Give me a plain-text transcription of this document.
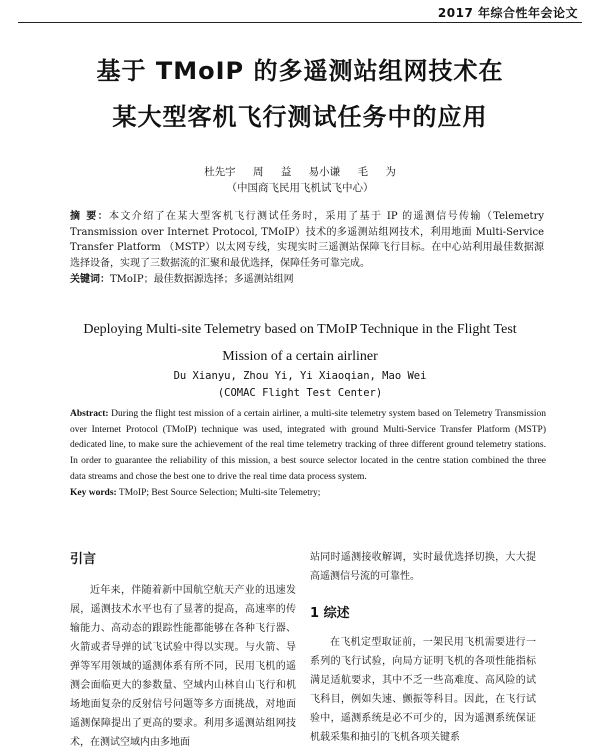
2017 年综合性年会论文
基于 TMoIP 的多遥测站组网技术在
某大型客机飞行测试任务中的应用
杜先宇 周 益 易小谦 毛 为
（中国商飞民用飞机试飞中心）
摘 要：本文介绍了在某大型客机飞行测试任务时，采用了基于 IP 的遥测信号传输（Telemetry Transmission over Internet Protocol, TMoIP）技术的多遥测站组网技术，利用地面 Multi-Service Transfer Platform （MSTP）以太网专线，实现实时三遥测站保障飞行目标。在中心站利用最佳数据源选择设备，实现了三数据流的汇聚和最优选择，保障任务可靠完成。
关键词：TMoIP；最佳数据源选择；多遥测站组网
Deploying Multi-site Telemetry based on TMoIP Technique in the Flight Test
Mission of a certain airliner
Du Xianyu, Zhou Yi, Yi Xiaoqian, Mao Wei
(COMAC Flight Test Center)
Abstract: During the flight test mission of a certain airliner, a multi-site telemetry system based on Telemetry Transmission over Internet Protocol (TMoIP) technique was used, integrated with ground Multi-Service Transfer Platform (MSTP) dedicated line, to make sure the achievement of the real time telemetry tracking of three different ground telemetry stations. In order to guarantee the reliability of this mission, a best source selector located in the centre station combined the three data streams and chose the best one to drive the real time data process system.
Key words: TMoIP; Best Source Selection; Multi-site Telemetry;
引言

近年来，伴随着新中国航空航天产业的迅速发展，遥测技术水平也有了显著的提高，高速率的传输能力、高动态的跟踪性能都能够在各种飞行器、火箭或者导弹的试飞试验中得以实现。与火箭、导弹等军用领域的遥测体系有所不同，民用飞机的遥测会面临更大的参数量、空域内山林自山飞行和机场地面复杂的反射信号问题等多方面挑战，对地面遥测保障提出了更高的要求。利用多遥测站组网技术，在测试空域内由多地面

站同时遥测接收解调，实时最优选择切换，大大提高遥测信号流的可靠性。

1 综述

在飞机定型取证前，一架民用飞机需要进行一系列的飞行试验，向局方证明飞机的各项性能指标满足适航要求，其中不乏一些高难度、高风险的试飞科目，例如失速、颤振等科目。因此，在飞行试验中，遥测系统是必不可少的，因为遥测系统保证机载采集和抽引的飞机各项关键系
